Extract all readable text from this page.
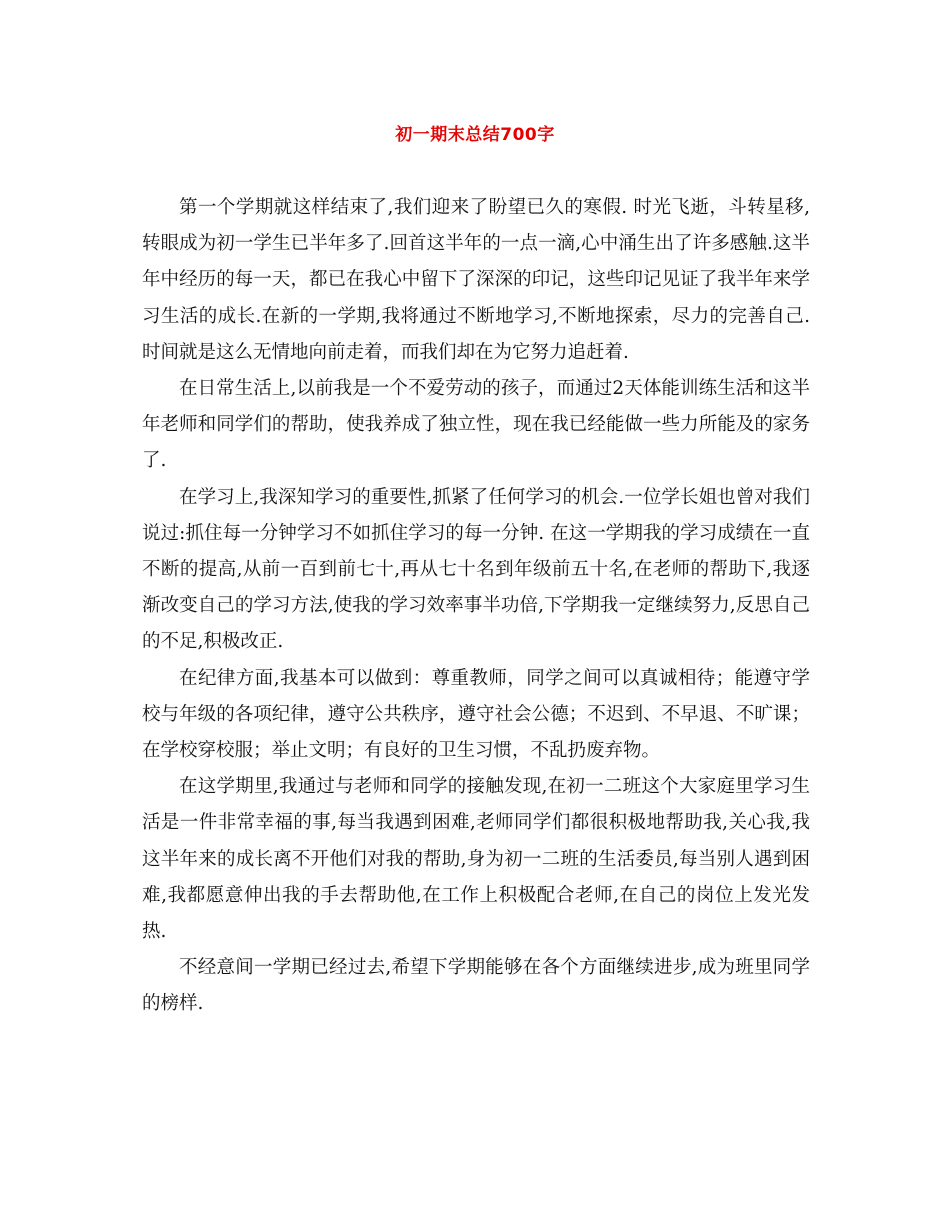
初一期末总结700字

第一个学期就这样结束了,我们迎来了盼望已久的寒假. 时光飞逝，斗转星移,转眼成为初一学生已半年多了.回首这半年的一点一滴,心中涌生出了许多感触.这半年中经历的每一天，都已在我心中留下了深深的印记，这些印记见证了我半年来学习生活的成长.在新的一学期,我将通过不断地学习,不断地探索，尽力的完善自己.时间就是这么无情地向前走着，而我们却在为它努力追赶着.

在日常生活上,以前我是一个不爱劳动的孩子，而通过2天体能训练生活和这半年老师和同学们的帮助，使我养成了独立性，现在我已经能做一些力所能及的家务了.

在学习上,我深知学习的重要性,抓紧了任何学习的机会.一位学长姐也曾对我们说过:抓住每一分钟学习不如抓住学习的每一分钟. 在这一学期我的学习成绩在一直不断的提高,从前一百到前七十,再从七十名到年级前五十名,在老师的帮助下,我逐渐改变自己的学习方法,使我的学习效率事半功倍,下学期我一定继续努力,反思自己的不足,积极改正.

在纪律方面,我基本可以做到：尊重教师，同学之间可以真诚相待；能遵守学校与年级的各项纪律，遵守公共秩序，遵守社会公德；不迟到、不早退、不旷课；在学校穿校服；举止文明；有良好的卫生习惯，不乱扔废弃物。

在这学期里,我通过与老师和同学的接触发现,在初一二班这个大家庭里学习生活是一件非常幸福的事,每当我遇到困难,老师同学们都很积极地帮助我,关心我,我这半年来的成长离不开他们对我的帮助,身为初一二班的生活委员,每当别人遇到困难,我都愿意伸出我的手去帮助他,在工作上积极配合老师,在自己的岗位上发光发热.

不经意间一学期已经过去,希望下学期能够在各个方面继续进步,成为班里同学的榜样.
